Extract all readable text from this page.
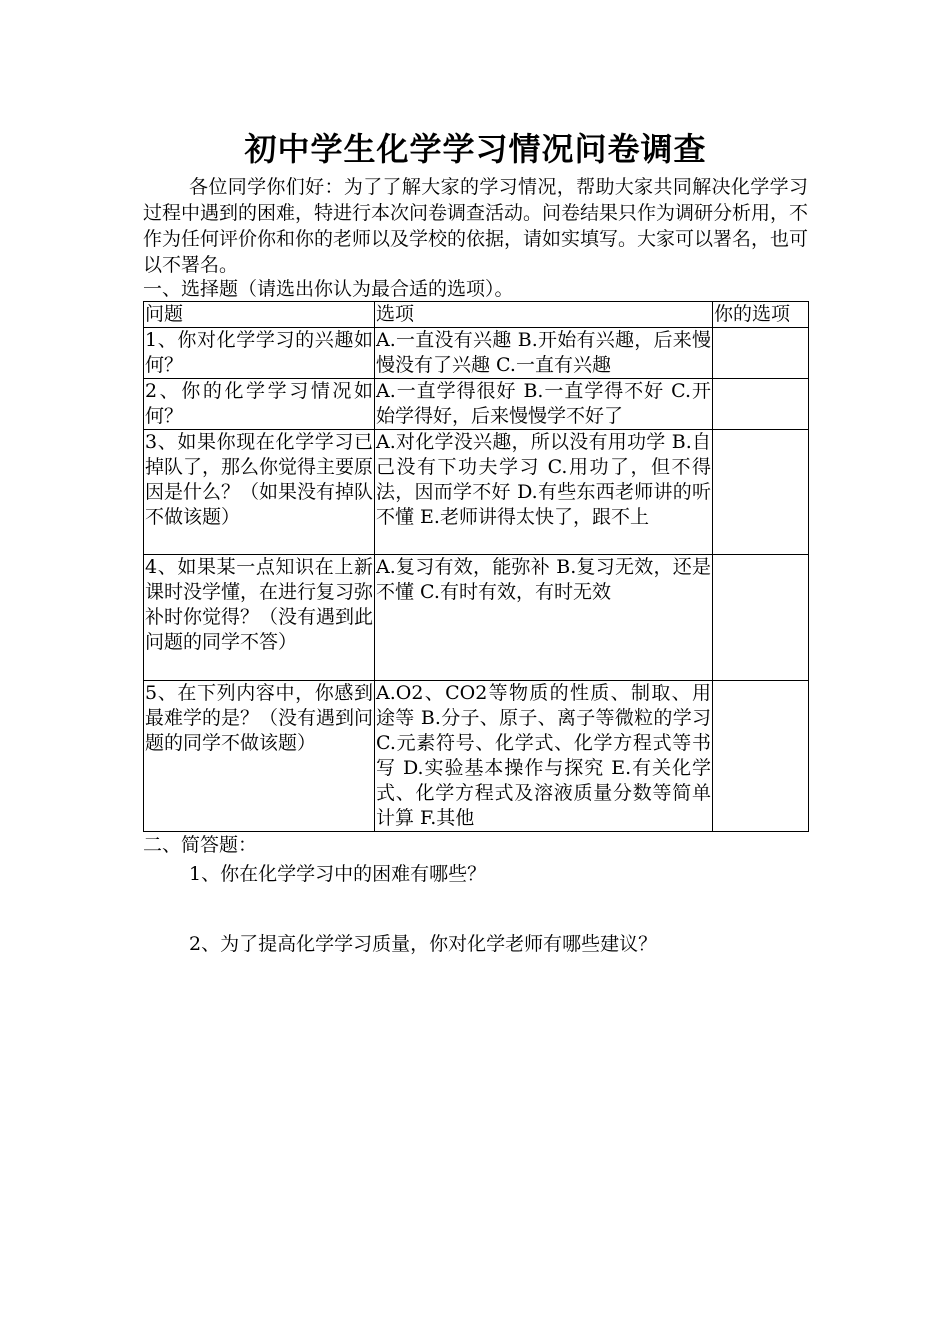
初中学生化学学习情况问卷调查

各位同学你们好：为了了解大家的学习情况，帮助大家共同解决化学学习过程中遇到的困难，特进行本次问卷调查活动。问卷结果只作为调研分析用，不作为任何评价你和你的老师以及学校的依据，请如实填写。大家可以署名，也可以不署名。

一、选择题（请选出你认为最合适的选项）。

问题	选项	你的选项
1、你对化学学习的兴趣如何？	A.一直没有兴趣 B.开始有兴趣，后来慢慢没有了兴趣 C.一直有兴趣	
2、你的化学学习情况如何？	A.一直学得很好 B.一直学得不好 C.开始学得好，后来慢慢学不好了	
3、如果你现在化学学习已掉队了，那么你觉得主要原因是什么？（如果没有掉队不做该题）	A.对化学没兴趣，所以没有用功学 B.自己没有下功夫学习 C.用功了，但不得法，因而学不好 D.有些东西老师讲的听不懂 E.老师讲得太快了，跟不上	
4、如果某一点知识在上新课时没学懂，在进行复习弥补时你觉得？（没有遇到此问题的同学不答）	A.复习有效，能弥补 B.复习无效，还是不懂 C.有时有效，有时无效	
5、在下列内容中，你感到最难学的是？（没有遇到问题的同学不做该题）	A.O2、CO2等物质的性质、制取、用途等 B.分子、原子、离子等微粒的学习 C.元素符号、化学式、化学方程式等书写 D.实验基本操作与探究 E.有关化学式、化学方程式及溶液质量分数等简单计算 F.其他	

二、简答题：

1、你在化学学习中的困难有哪些？

2、为了提高化学学习质量，你对化学老师有哪些建议？
